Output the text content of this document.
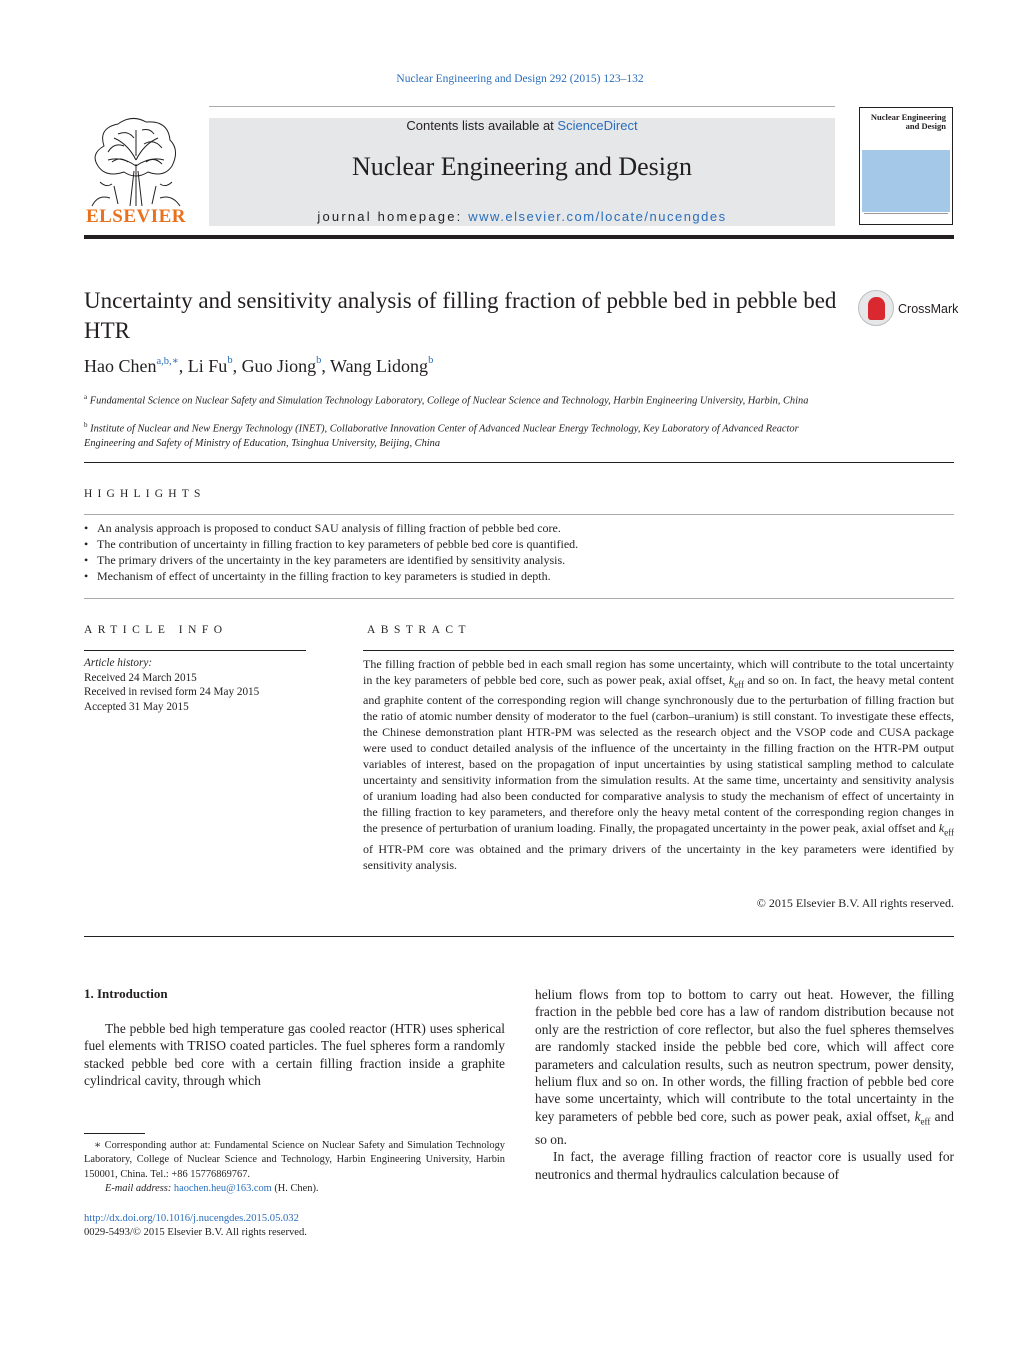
Nuclear Engineering and Design 292 (2015) 123–132
ELSEVIER
Contents lists available at ScienceDirect
Nuclear Engineering and Design
journal homepage: www.elsevier.com/locate/nucengdes
Nuclear Engineering
and Design
Uncertainty and sensitivity analysis of filling fraction of pebble bed in pebble bed HTR
CrossMark
Hao Chen$^{a,b,∗}$, Li Fu$^b$, Guo Jiong$^b$, Wang Lidong$^b$
$^a$ Fundamental Science on Nuclear Safety and Simulation Technology Laboratory, College of Nuclear Science and Technology, Harbin Engineering University, Harbin, China
$^b$ Institute of Nuclear and New Energy Technology (INET), Collaborative Innovation Center of Advanced Nuclear Energy Technology, Key Laboratory of Advanced Reactor Engineering and Safety of Ministry of Education, Tsinghua University, Beijing, China
HIGHLIGHTS
• An analysis approach is proposed to conduct SAU analysis of filling fraction of pebble bed core.
• The contribution of uncertainty in filling fraction to key parameters of pebble bed core is quantified.
• The primary drivers of the uncertainty in the key parameters are identified by sensitivity analysis.
• Mechanism of effect of uncertainty in the filling fraction to key parameters is studied in depth.
ARTICLE INFO
Article history:
Received 24 March 2015
Received in revised form 24 May 2015
Accepted 31 May 2015
ABSTRACT
The filling fraction of pebble bed in each small region has some uncertainty, which will contribute to the total uncertainty in the key parameters of pebble bed core, such as power peak, axial offset, $k_{eff}$ and so on. In fact, the heavy metal content and graphite content of the corresponding region will change synchronously due to the perturbation of filling fraction but the ratio of atomic number density of moderator to the fuel (carbon–uranium) is still constant. To investigate these effects, the Chinese demonstration plant HTR-PM was selected as the research object and the VSOP code and CUSA package were used to conduct detailed analysis of the influence of the uncertainty in the filling fraction on the HTR-PM output variables of interest, based on the propagation of input uncertainties by using statistical sampling method to calculate uncertainty and sensitivity information from the simulation results. At the same time, uncertainty and sensitivity analysis of uranium loading had also been conducted for comparative analysis to study the mechanism of effect of uncertainty in the filling fraction to key parameters, and therefore only the heavy metal content of the corresponding region changes in the presence of perturbation of uranium loading. Finally, the propagated uncertainty in the power peak, axial offset and $k_{eff}$ of HTR-PM core was obtained and the primary drivers of the uncertainty in the key parameters were identified by sensitivity analysis.
© 2015 Elsevier B.V. All rights reserved.
1. Introduction
The pebble bed high temperature gas cooled reactor (HTR) uses spherical fuel elements with TRISO coated particles. The fuel spheres form a randomly stacked pebble bed core with a certain filling fraction inside a graphite cylindrical cavity, through which

helium flows from top to bottom to carry out heat. However, the filling fraction in the pebble bed core has a law of random distribution because not only are the restriction of core reflector, but also the fuel spheres themselves are randomly stacked inside the pebble bed core, which will affect core parameters and calculation results, such as neutron spectrum, power density, helium flux and so on. In other words, the filling fraction of pebble bed core have some uncertainty, which will contribute to the total uncertainty in the key parameters of pebble bed core, such as power peak, axial offset, $k_{eff}$ and so on.

In fact, the average filling fraction of reactor core is usually used for neutronics and thermal hydraulics calculation because of

∗ Corresponding author at: Fundamental Science on Nuclear Safety and Simulation Technology Laboratory, College of Nuclear Science and Technology, Harbin Engineering University, Harbin 150001, China. Tel.: +86 15776869767.

E-mail address: haochen.heu@163.com (H. Chen).

http://dx.doi.org/10.1016/j.nucengdes.2015.05.032
0029-5493/© 2015 Elsevier B.V. All rights reserved.
